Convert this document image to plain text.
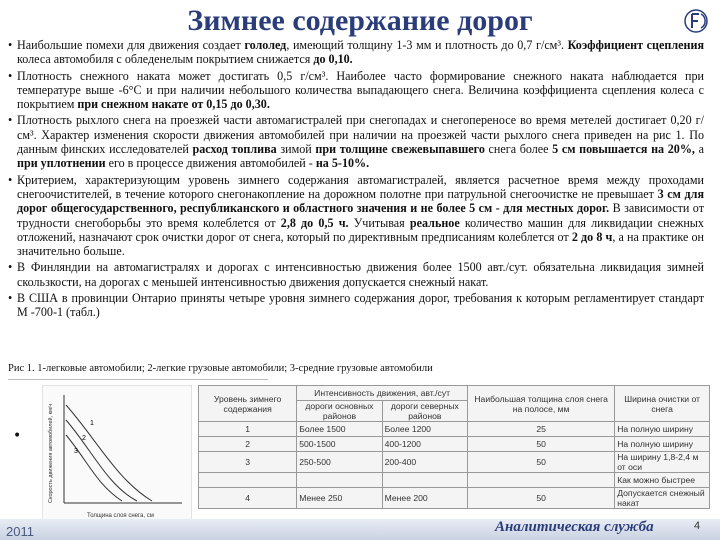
Зимнее содержание дорог
• Наибольшие помехи для движения создает гололед, имеющий толщину 1-3 мм и плотность до 0,7 г/см³. Коэффициент сцепления колеса автомобиля с обледенелым покрытием снижается до 0,10.
• Плотность снежного наката может достигать 0,5 г/см³. Наиболее часто формирование снежного наката наблюдается при температуре выше -6°С и при наличии небольшого количества выпадающего снега. Величина коэффициента сцепления колеса с покрытием при снежном накате от 0,15 до 0,30.
• Плотность рыхлого снега на проезжей части автомагистралей при снегопадах и снегопереносе во время метелей достигает 0,20 г/см³. Характер изменения скорости движения автомобилей при наличии на проезжей части рыхлого снега приведен на рис 1. По данным финских исследователей расход топлива зимой при толщине свежевыпавшего снега более 5 см повышается на 20%, а при уплотнении его в процессе движения автомобилей - на 5-10%.
• Критерием, характеризующим уровень зимнего содержания автомагистралей, является расчетное время между проходами снегоочистителей, в течение которого снегонакопление на дорожном полотне при патрульной снегоочистке не превышает 3 см для дорог общегосударственного, республиканского и областного значения и не более 5 см - для местных дорог. В зависимости от трудности снегоборьбы это время колеблется от 2,8 до 0,5 ч. Учитывая реальное количество машин для ликвидации снежных отложений, назначают срок очистки дорог от снега, который по директивным предписаниям колеблется от 2 до 8 ч, а на практике он значительно больше.
• В Финляндии на автомагистралях и дорогах с интенсивностью движения более 1500 авт./сут. обязательна ликвидация зимней скользкости, на дорогах с меньшей интенсивностью движения допускается снежный накат.
• В США в провинции Онтарио приняты четыре уровня зимнего содержания дорог, требования к которым регламентирует стандарт М -700-1 (табл.)
Рис 1. 1-легковые автомобили; 2-легкие грузовые автомобили; 3-средние грузовые автомобили
•
1
2
3
Скорость движения автомобилей, км/ч
Толщина слоя снега, см
Уровень зимнего содержания	Интенсивность движения, авт./сут		Наибольшая толщина слоя снега на полосе, мм	Ширина очистки от снега
	дороги основных районов	дороги северных районов		
1	Более 1500	Более 1200	25	На полную ширину
2	500-1500	400-1200	50	На полную ширину
3	250-500	200-400	50	На ширину 1,8-2,4 м от оси
				Как можно быстрее
4	Менее 250	Менее 200	50	Допускается снежный накат
2011	Аналитическая служба	4
